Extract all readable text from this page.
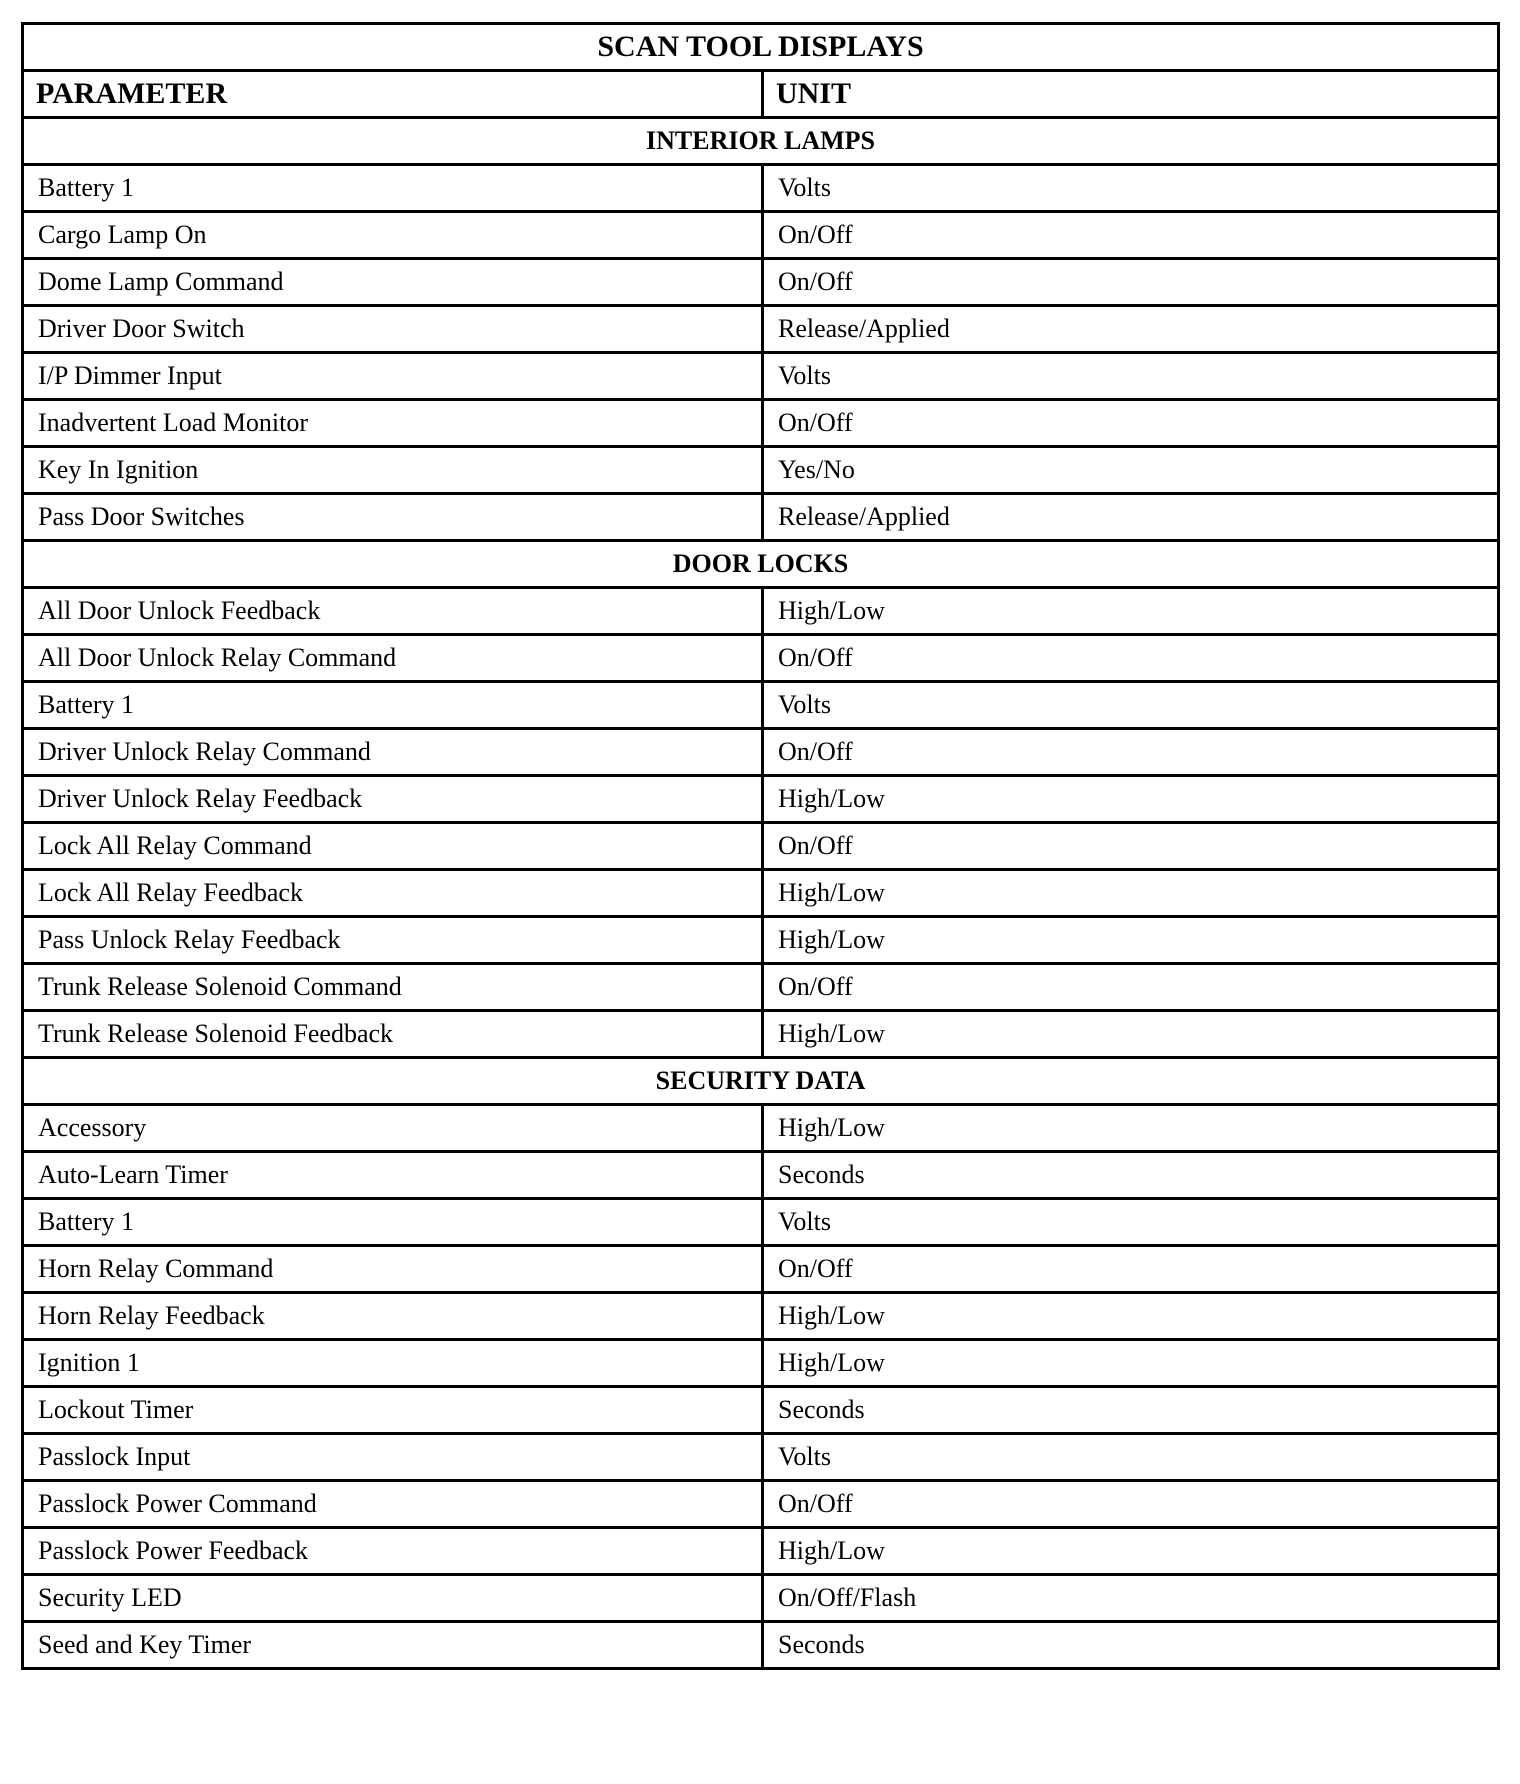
SCAN TOOL DISPLAYS	
PARAMETER	UNIT
INTERIOR LAMPS	
Battery 1	Volts
Cargo Lamp On	On/Off
Dome Lamp Command	On/Off
Driver Door Switch	Release/Applied
I/P Dimmer Input	Volts
Inadvertent Load Monitor	On/Off
Key In Ignition	Yes/No
Pass Door Switches	Release/Applied
DOOR LOCKS	
All Door Unlock Feedback	High/Low
All Door Unlock Relay Command	On/Off
Battery 1	Volts
Driver Unlock Relay Command	On/Off
Driver Unlock Relay Feedback	High/Low
Lock All Relay Command	On/Off
Lock All Relay Feedback	High/Low
Pass Unlock Relay Feedback	High/Low
Trunk Release Solenoid Command	On/Off
Trunk Release Solenoid Feedback	High/Low
SECURITY DATA	
Accessory	High/Low
Auto-Learn Timer	Seconds
Battery 1	Volts
Horn Relay Command	On/Off
Horn Relay Feedback	High/Low
Ignition 1	High/Low
Lockout Timer	Seconds
Passlock Input	Volts
Passlock Power Command	On/Off
Passlock Power Feedback	High/Low
Security LED	On/Off/Flash
Seed and Key Timer	Seconds
